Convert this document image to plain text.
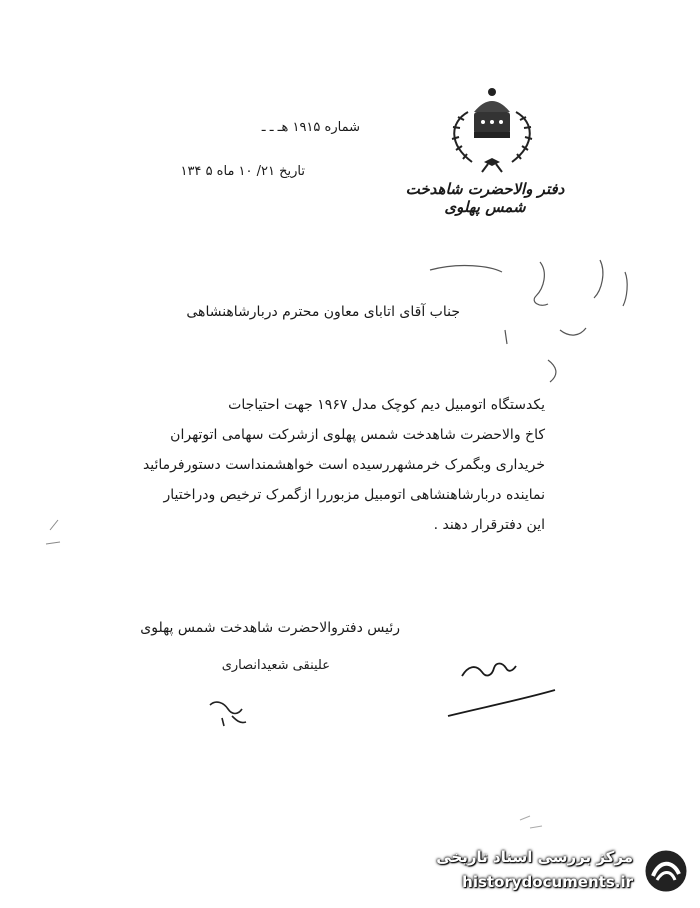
دفتر والاحضرت شاهدخت شمس پهلوی
شماره ۱۹۱۵ هـ ـ ـ
تاریخ ۲۱/ ۱۰ ماه ۵ ۱۳۴
جناب آقای اتابای معاون محترم دربارشاهنشاهی
یکدستگاه اتومبیل دیم کوچک مدل ۱۹۶۷ جهت احتیاجات
کاخ والاحضرت شاهدخت شمس پهلوی ازشرکت سهامی اتوتهران
خریداری وبگمرک خرمشهررسیده است خواهشمنداست دستورفرمائید
نماینده دربارشاهنشاهی اتومبیل مزبوررا ازگمرک ترخیص ودراختیار
این دفترقرار دهند .
رئیس دفتروالاحضرت شاهدخت شمس پهلوی
علینقی شعیدانصاری
مرکز بررسی اسناد تاریخی
historydocuments.ir
